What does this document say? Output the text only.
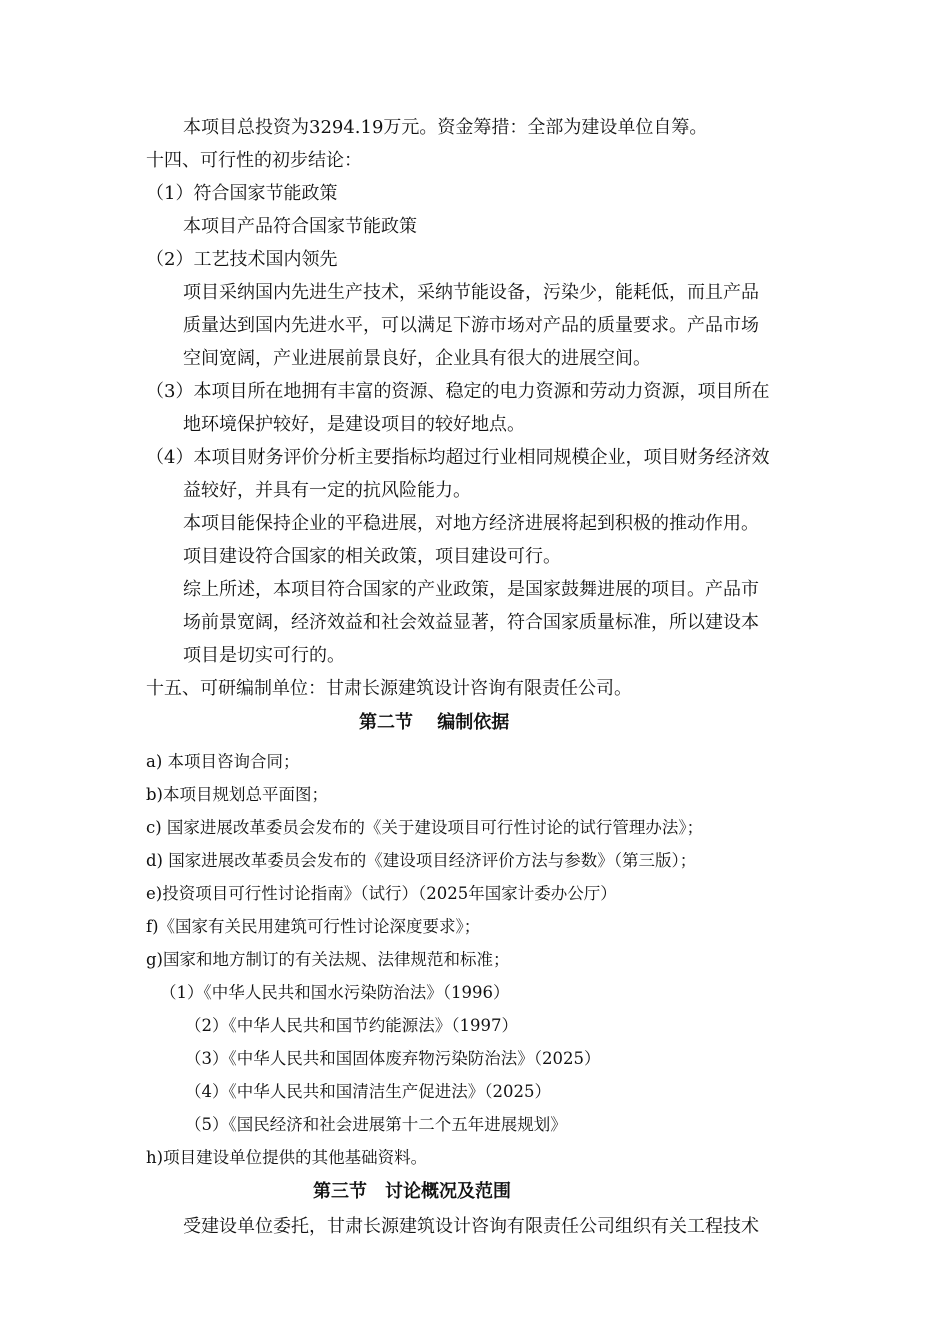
本项目总投资为3294.19万元。资金筹措：全部为建设单位自筹。
十四、可行性的初步结论：
（1）符合国家节能政策
本项目产品符合国家节能政策
（2）工艺技术国内领先
项目采纳国内先进生产技术，采纳节能设备，污染少，能耗低，而且产品
质量达到国内先进水平，可以满足下游市场对产品的质量要求。产品市场
空间宽阔，产业进展前景良好，企业具有很大的进展空间。
（3）本项目所在地拥有丰富的资源、稳定的电力资源和劳动力资源，项目所在
地环境保护较好，是建设项目的较好地点。
（4）本项目财务评价分析主要指标均超过行业相同规模企业，项目财务经济效
益较好，并具有一定的抗风险能力。
本项目能保持企业的平稳进展，对地方经济进展将起到积极的推动作用。
项目建设符合国家的相关政策，项目建设可行。
综上所述，本项目符合国家的产业政策，是国家鼓舞进展的项目。产品市
场前景宽阔，经济效益和社会效益显著，符合国家质量标准，所以建设本
项目是切实可行的。
十五、可研编制单位：甘肃长源建筑设计咨询有限责任公司。
第二节　 编制依据
a) 本项目咨询合同；
b)本项目规划总平面图；
c) 国家进展改革委员会发布的《关于建设项目可行性讨论的试行管理办法》；
d) 国家进展改革委员会发布的《建设项目经济评价方法与参数》（第三版）；
e)投资项目可行性讨论指南》（试行）（2025年国家计委办公厅）
f)《国家有关民用建筑可行性讨论深度要求》；
g)国家和地方制订的有关法规、法律规范和标准；
（1）《中华人民共和国水污染防治法》（1996）
（2）《中华人民共和国节约能源法》（1997）
（3）《中华人民共和国固体废弃物污染防治法》（2025）
（4）《中华人民共和国清洁生产促进法》（2025）
（5）《国民经济和社会进展第十二个五年进展规划》
h)项目建设单位提供的其他基础资料。
第三节　讨论概况及范围
受建设单位委托，甘肃长源建筑设计咨询有限责任公司组织有关工程技术
